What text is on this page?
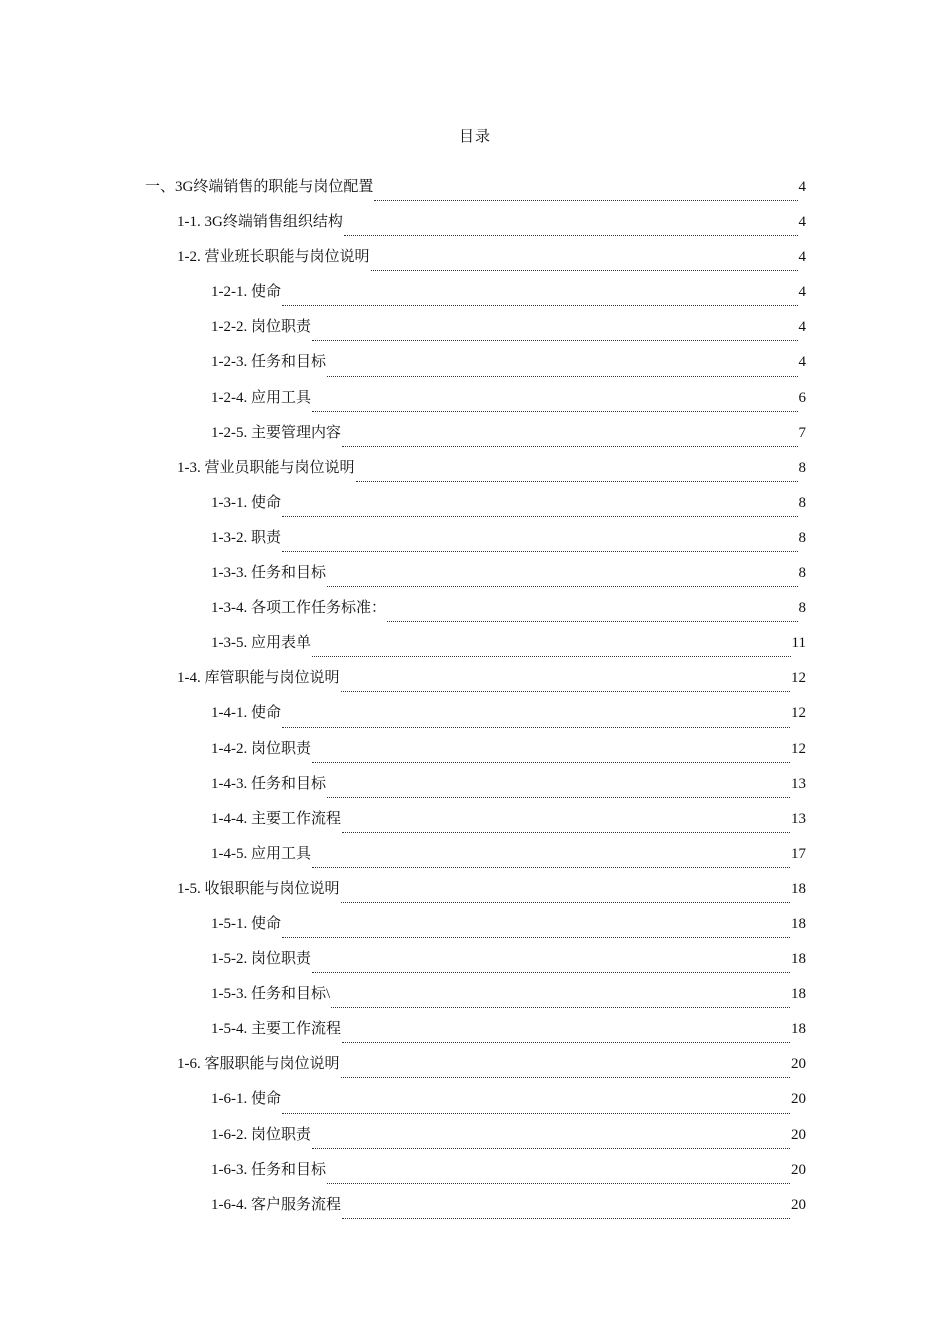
目录
一、3G终端销售的职能与岗位配置	4
1-1. 3G终端销售组织结构	4
1-2. 营业班长职能与岗位说明	4
1-2-1. 使命	4
1-2-2. 岗位职责	4
1-2-3. 任务和目标	4
1-2-4. 应用工具	6
1-2-5. 主要管理内容	7
1-3. 营业员职能与岗位说明	8
1-3-1. 使命	8
1-3-2. 职责	8
1-3-3. 任务和目标	8
1-3-4. 各项工作任务标准：	8
1-3-5. 应用表单	11
1-4. 库管职能与岗位说明	12
1-4-1. 使命	12
1-4-2. 岗位职责	12
1-4-3. 任务和目标	13
1-4-4. 主要工作流程	13
1-4-5. 应用工具	17
1-5. 收银职能与岗位说明	18
1-5-1. 使命	18
1-5-2. 岗位职责	18
1-5-3. 任务和目标\	18
1-5-4. 主要工作流程	18
1-6. 客服职能与岗位说明	20
1-6-1. 使命	20
1-6-2. 岗位职责	20
1-6-3. 任务和目标	20
1-6-4. 客户服务流程	20
